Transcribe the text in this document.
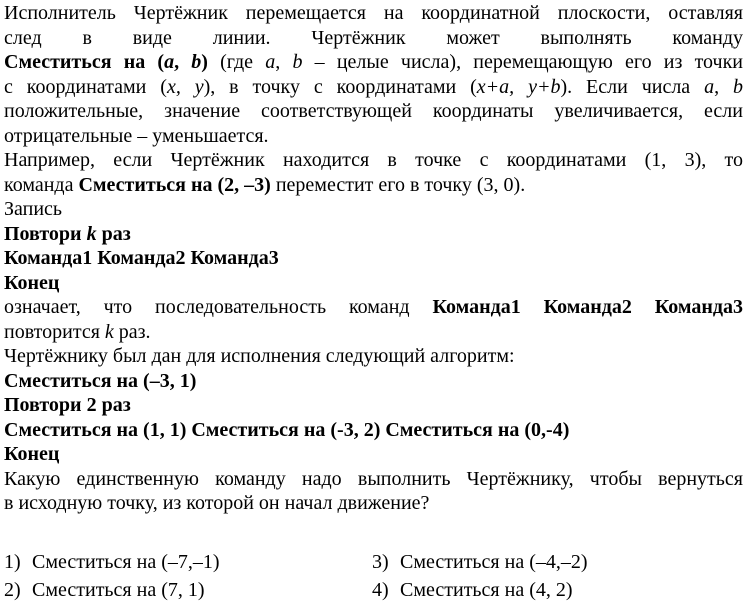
Исполнитель Чертёжник перемещается на координатной плоскости, оставляя

след в виде линии. Чертёжник может выполнять команду

Сместиться на (a, b) (где a, b – целые числа), перемещающую его из точки

с координатами (x, y), в точку с координатами (x+a, y+b). Если числа a, b

положительные, значение соответствующей координаты увеличивается, если

отрицательные – уменьшается.

Например, если Чертёжник находится в точке с координатами (1, 3), то

команда Сместиться на (2, –3) переместит его в точку (3, 0).

Запись

Повтори k раз

Команда1 Команда2 Команда3

Конец

означает, что последовательность команд Команда1 Команда2 Команда3

повторится k раз.

Чертёжнику был дан для исполнения следующий алгоритм:

Сместиться на (–3, 1)

Повтори 2 раз

Сместиться на (1, 1) Сместиться на (-3, 2) Сместиться на (0,-4)

Конец

Какую единственную команду надо выполнить Чертёжнику, чтобы вернуться

в исходную точку, из которой он начал движение?

1) Сместиться на (–7,–1)	3) Сместиться на (–4,–2)
2) Сместиться на (7, 1)	4) Сместиться на (4, 2)
